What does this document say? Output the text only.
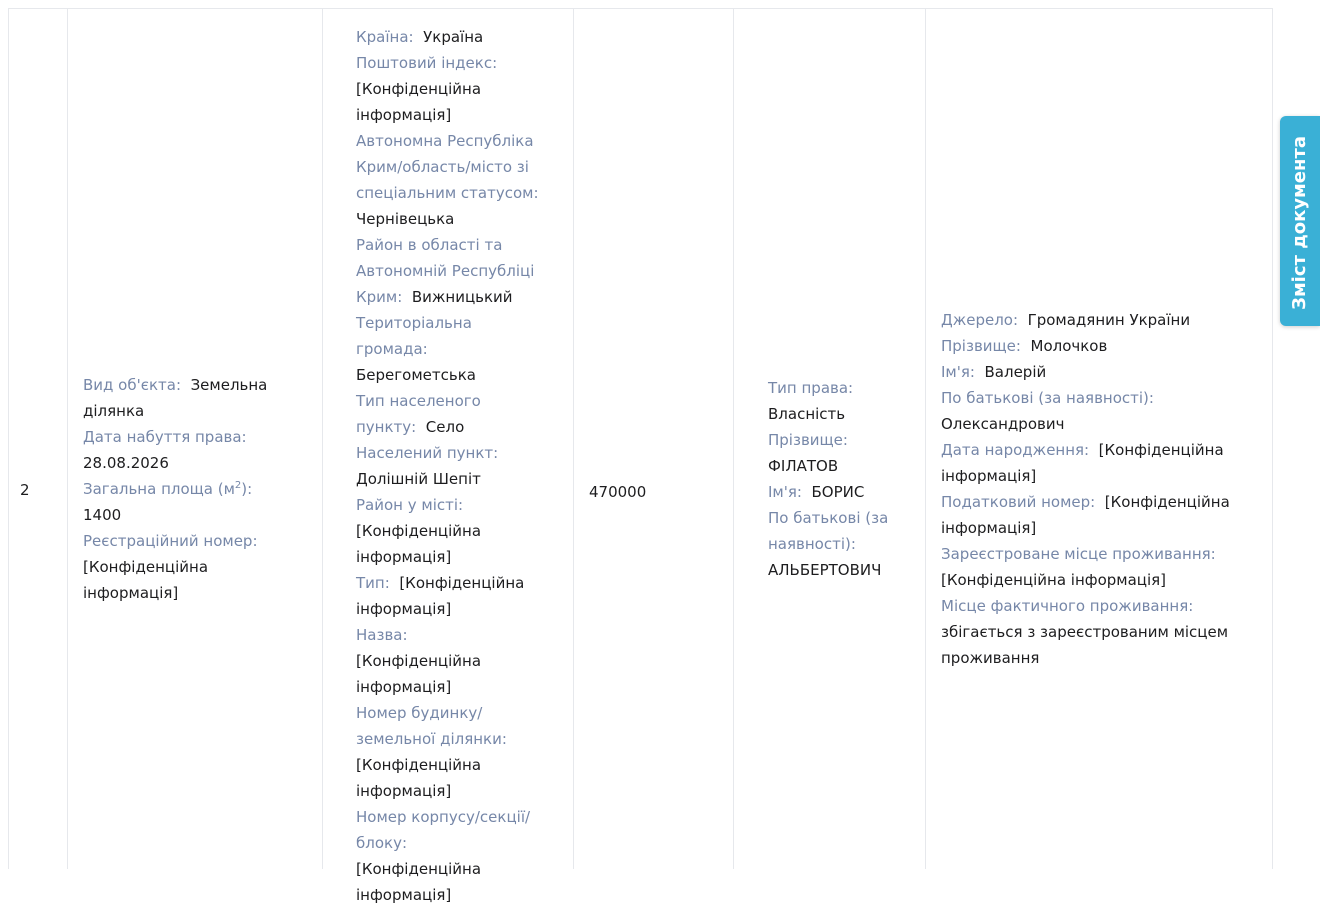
2
Вид об'єкта: Земельна ділянка
Дата набуття права:
28.08.2026
Загальна площа $(м^2)$:
1400
Реєстраційний номер:
[Конфіденційна інформація]
Країна: Україна
Поштовий індекс:
[Конфіденційна інформація]
Автономна Республіка Крим/область/місто зі спеціальним статусом:
Чернівецька
Район в області та Автономній Республіці Крим: Вижницький
Територіальна громада:
Берегометська
Тип населеного пункту: Село
Населений пункт:
Долішній Шепіт
Район у місті:
[Конфіденційна інформація]
Тип: [Конфіденційна інформація]
Назва:  [Конфіденційна інформація]
Номер будинку/ земельної ділянки:
[Конфіденційна інформація]
Номер корпусу/секції/ блоку:  [Конфіденційна інформація]
470000
Тип права:
Власність
Прізвище:
ФІЛАТОВ
Ім'я: БОРИС
По батькові (за наявності):
АЛЬБЕРТОВИЧ
Джерело: Громадянин України
Прізвище: Молочков
Ім'я: Валерій
По батькові (за наявності):
Олександрович
Дата народження: [Конфіденційна інформація]
Податковий номер: [Конфіденційна інформація]
Зареєстроване місце проживання:
[Конфіденційна інформація]
Місце фактичного проживання:
збігається з зареєстрованим місцем проживання
Зміст документа
